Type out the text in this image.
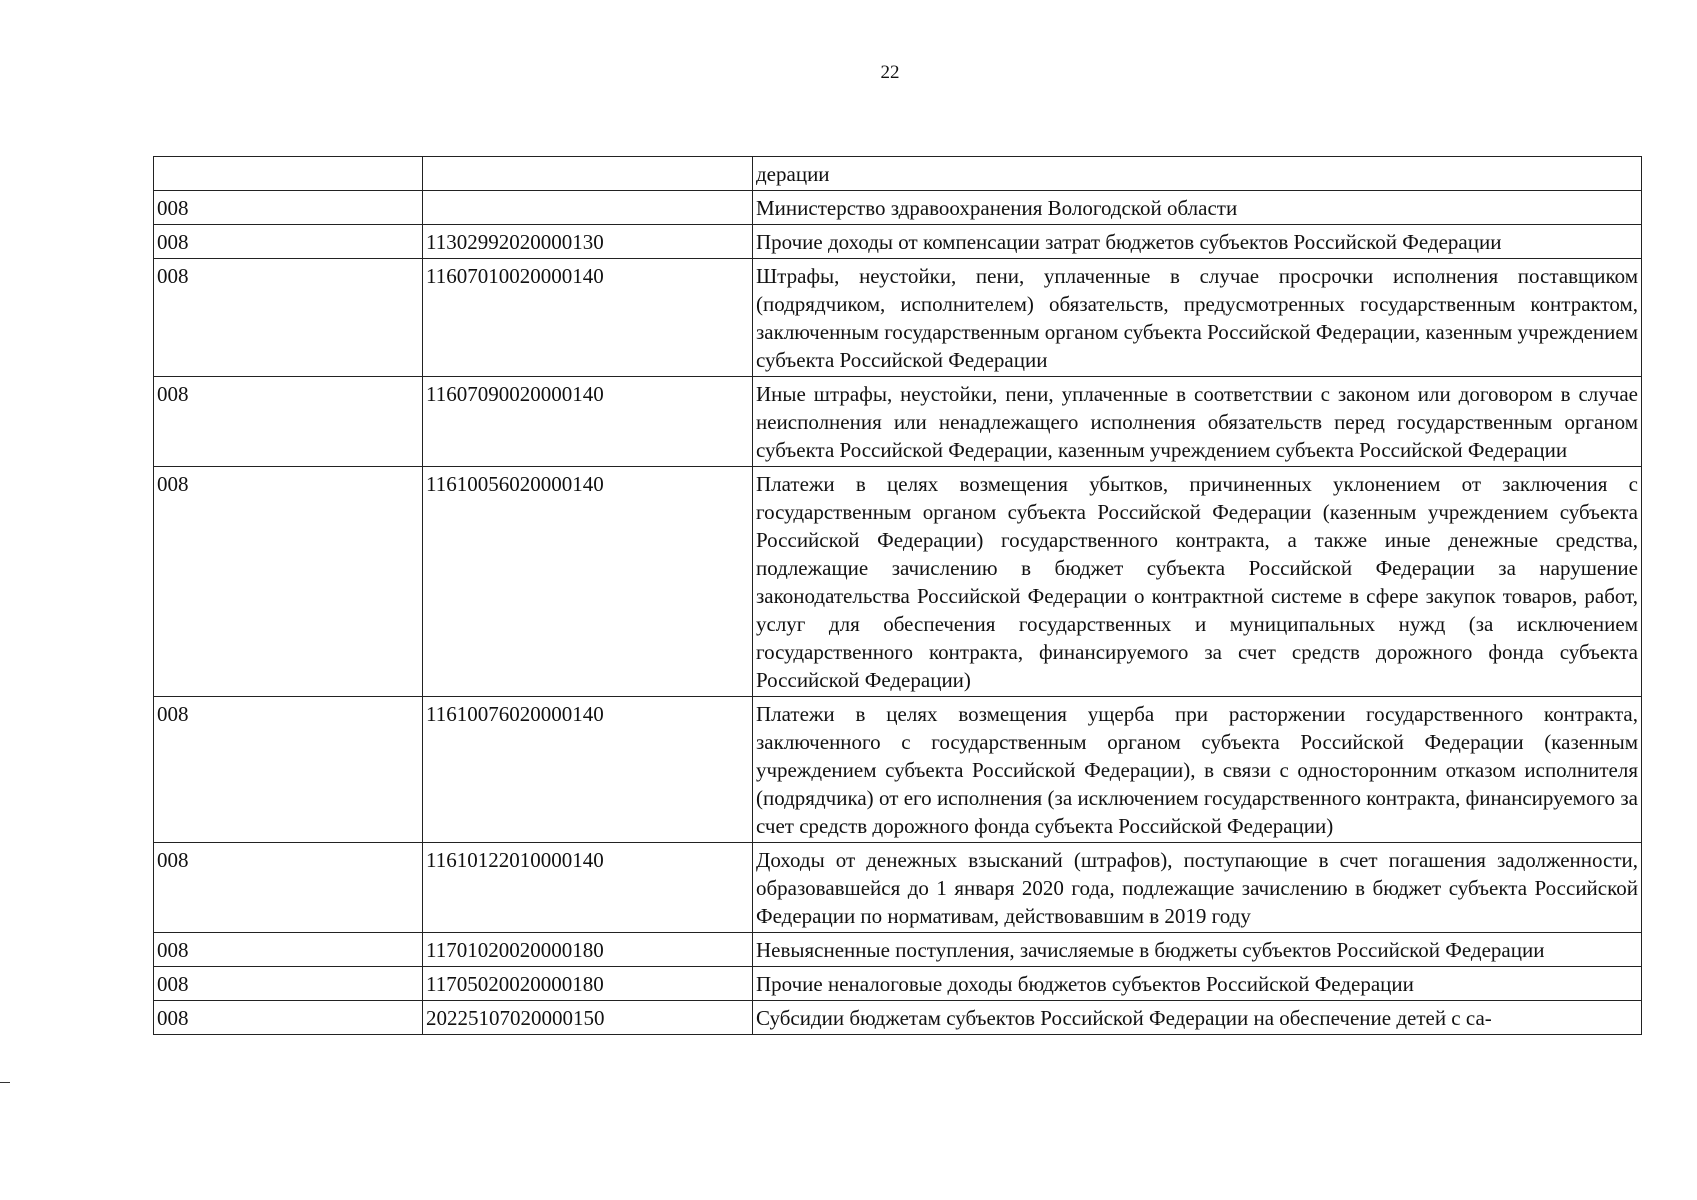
22
		дерации
008		Министерство здравоохранения Вологодской области
008	11302992020000130	Прочие доходы от компенсации затрат бюджетов субъектов Российской Федерации
008	11607010020000140	Штрафы, неустойки, пени, уплаченные в случае просрочки исполнения поставщиком (подрядчиком, исполнителем) обязательств, предусмотренных государственным контрактом, заключенным государственным органом субъекта Российской Федерации, казенным учреждением субъекта Российской Федерации
008	11607090020000140	Иные штрафы, неустойки, пени, уплаченные в соответствии с законом или договором в случае неисполнения или ненадлежащего исполнения обязательств перед государственным органом субъекта Российской Федерации, казенным учреждением субъекта Российской Федерации
008	11610056020000140	Платежи в целях возмещения убытков, причиненных уклонением от заключения с государственным органом субъекта Российской Федерации (казенным учреждением субъекта Российской Федерации) государственного контракта, а также иные денежные средства, подлежащие зачислению в бюджет субъекта Российской Федерации за нарушение законодательства Российской Федерации о контрактной системе в сфере закупок товаров, работ, услуг для обеспечения государственных и муниципальных нужд (за исключением государственного контракта, финансируемого за счет средств дорожного фонда субъекта Российской Федерации)
008	11610076020000140	Платежи в целях возмещения ущерба при расторжении государственного контракта, заключенного с государственным органом субъекта Российской Федерации (казенным учреждением субъекта Российской Федерации), в связи с односторонним отказом исполнителя (подрядчика) от его исполнения (за исключением государственного контракта, финансируемого за счет средств дорожного фонда субъекта Российской Федерации)
008	11610122010000140	Доходы от денежных взысканий (штрафов), поступающие в счет погашения задолженности, образовавшейся до 1 января 2020 года, подлежащие зачислению в бюджет субъекта Российской Федерации по нормативам, действовавшим в 2019 году
008	11701020020000180	Невыясненные поступления, зачисляемые в бюджеты субъектов Российской Федерации
008	11705020020000180	Прочие неналоговые доходы бюджетов субъектов Российской Федерации
008	20225107020000150	Субсидии бюджетам субъектов Российской Федерации на обеспечение детей с са-
